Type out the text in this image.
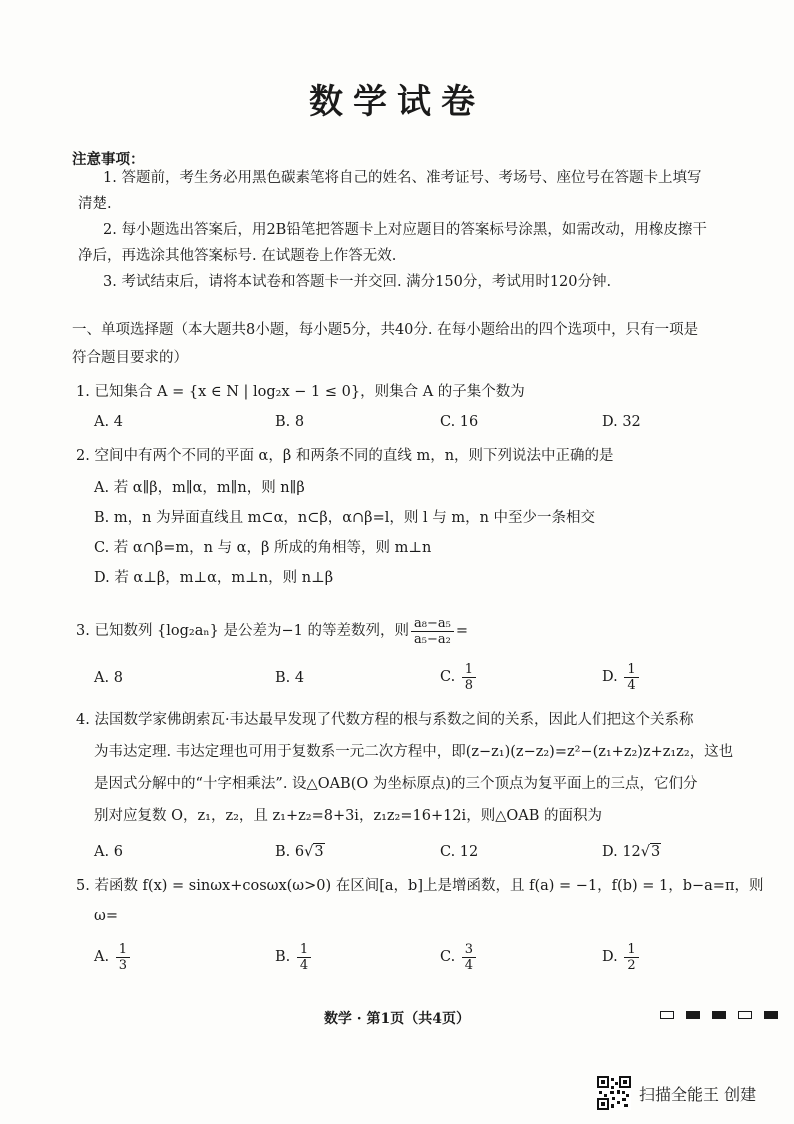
数学试卷
注意事项：
1. 答题前，考生务必用黑色碳素笔将自己的姓名、准考证号、考场号、座位号在答题卡上填写
清楚.
2. 每小题选出答案后，用2B铅笔把答题卡上对应题目的答案标号涂黑，如需改动，用橡皮擦干
净后，再选涂其他答案标号. 在试题卷上作答无效.
3. 考试结束后，请将本试卷和答题卡一并交回. 满分150分，考试用时120分钟.
一、单项选择题（本大题共8小题，每小题5分，共40分. 在每小题给出的四个选项中，只有一项是
符合题目要求的）
1. 已知集合 A = {x ∈ N | log₂x − 1 ≤ 0}，则集合 A 的子集个数为
A. 4	B. 8	C. 16	D. 32
2. 空间中有两个不同的平面 α，β 和两条不同的直线 m，n，则下列说法中正确的是
A. 若 α∥β，m∥α，m∥n，则 n∥β
B. m，n 为异面直线且 m⊂α，n⊂β，α∩β=l，则 l 与 m，n 中至少一条相交
C. 若 α∩β=m，n 与 α，β 所成的角相等，则 m⊥n
D. 若 α⊥β，m⊥α，m⊥n，则 n⊥β
3. 已知数列 {log₂aₙ} 是公差为−1 的等差数列，则 $\frac{\text{a₈−a₅}}{\text{a₅−a₂}}$ =
A. 8	B. 4	C. $\frac{1}{8}$	D. $\frac{1}{4}$
4. 法国数学家佛朗索瓦·韦达最早发现了代数方程的根与系数之间的关系，因此人们把这个关系称
为韦达定理. 韦达定理也可用于复数系一元二次方程中，即(z−z₁)(z−z₂)=z²−(z₁+z₂)z+z₁z₂，这也
是因式分解中的“十字相乘法”. 设△OAB(O 为坐标原点)的三个顶点为复平面上的三点，它们分
别对应复数 O，z₁，z₂，且 z₁+z₂=8+3i，z₁z₂=16+12i，则△OAB 的面积为
A. 6	B. 6√3	C. 12	D. 12√3
5. 若函数 f(x) = sinωx+cosωx(ω>0) 在区间[a，b]上是增函数，且 f(a) = −1，f(b) = 1，b−a=π，则
ω=
A. $\frac{1}{3}$	B. $\frac{1}{4}$	C. $\frac{3}{4}$	D. $\frac{1}{2}$
数学 · 第1页（共4页）
扫描全能王 创建
